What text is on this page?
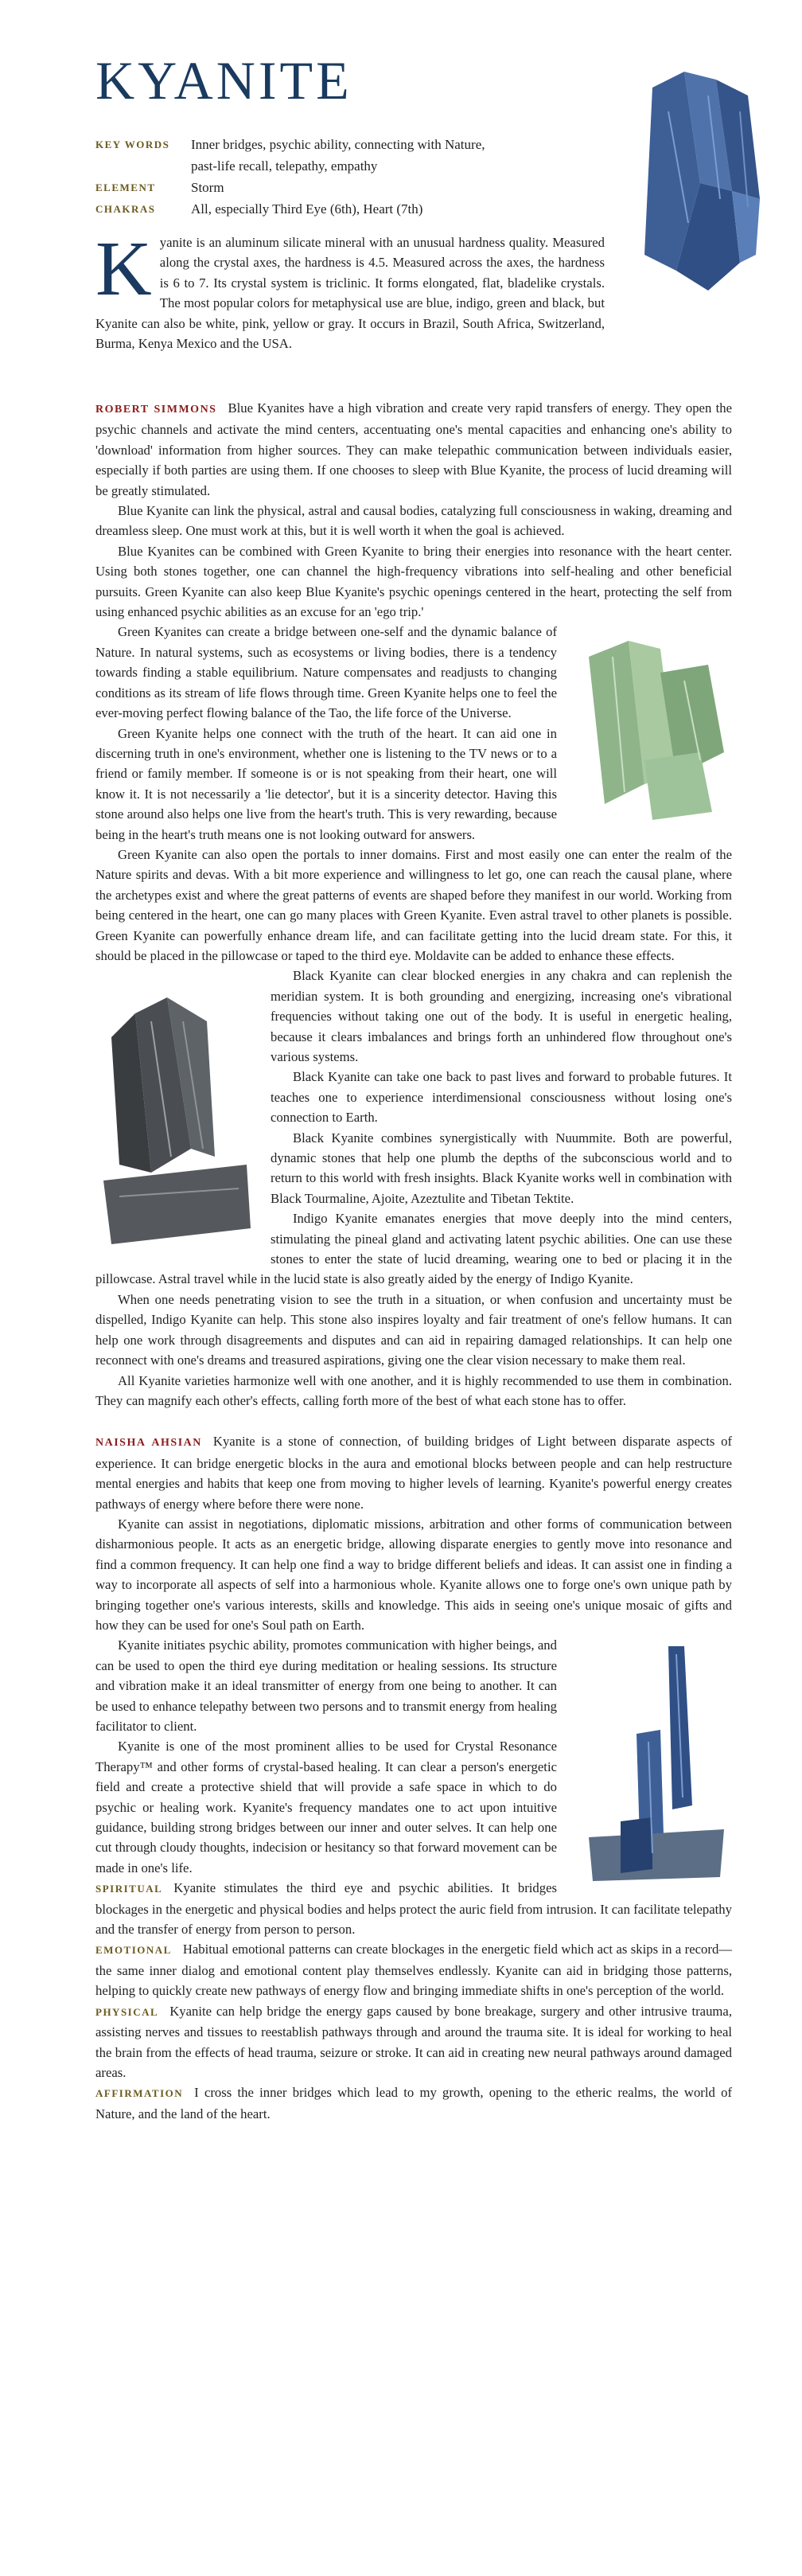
KYANITE
KEY WORDS Inner bridges, psychic ability, connecting with Nature, past-life recall, telepathy, empathy
ELEMENT	Storm
CHAKRAS	All, especially Third Eye (6th), Heart (7th)

Kyanite is an aluminum silicate mineral with an unusual hardness quality. Measured along the crystal axes, the hardness is 4.5. Measured across the axes, the hardness is 6 to 7. Its crystal system is triclinic. It forms elongated, flat, bladelike crystals. The most popular colors for metaphysical use are blue, indigo, green and black, but Kyanite can also be white, pink, yellow or gray. It occurs in Brazil, South Africa, Switzerland, Burma, Kenya Mexico and the USA.

ROBERT SIMMONS Blue Kyanites have a high vibration and create very rapid transfers of energy. They open the psychic channels and activate the mind centers, accentuating one's mental capacities and enhancing one's ability to 'download' information from higher sources. They can make telepathic communication between individuals easier, especially if both parties are using them. If one chooses to sleep with Blue Kyanite, the process of lucid dreaming will be greatly stimulated.

Blue Kyanite can link the physical, astral and causal bodies, catalyzing full consciousness in waking, dreaming and dreamless sleep. One must work at this, but it is well worth it when the goal is achieved.

Blue Kyanites can be combined with Green Kyanite to bring their energies into resonance with the heart center. Using both stones together, one can channel the high-frequency vibrations into self-healing and other beneficial pursuits. Green Kyanite can also keep Blue Kyanite's psychic openings centered in the heart, protecting the self from using enhanced psychic abilities as an excuse for an 'ego trip.'

Green Kyanites can create a bridge between one-self and the dynamic balance of Nature. In natural systems, such as ecosystems or living bodies, there is a tendency towards finding a stable equilibrium. Nature compensates and readjusts to changing conditions as its stream of life flows through time. Green Kyanite helps one to feel the ever-moving perfect flowing balance of the Tao, the life force of the Universe.

Green Kyanite helps one connect with the truth of the heart. It can aid one in discerning truth in one's environment, whether one is listening to the TV news or to a friend or family member. If someone is or is not speaking from their heart, one will know it. It is not necessarily a 'lie detector', but it is a sincerity detector. Having this stone around also helps one live from the heart's truth. This is very rewarding, because being in the heart's truth means one is not looking outward for answers.

Green Kyanite can also open the portals to inner domains. First and most easily one can enter the realm of the Nature spirits and devas. With a bit more experience and willingness to let go, one can reach the causal plane, where the archetypes exist and where the great patterns of events are shaped before they manifest in our world. Working from being centered in the heart, one can go many places with Green Kyanite. Even astral travel to other planets is possible. Green Kyanite can powerfully enhance dream life, and can facilitate getting into the lucid dream state. For this, it should be placed in the pillowcase or taped to the third eye. Moldavite can be added to enhance these effects.

Black Kyanite can clear blocked energies in any chakra and can replenish the meridian system. It is both grounding and energizing, increasing one's vibrational frequencies without taking one out of the body. It is useful in energetic healing, because it clears imbalances and brings forth an unhindered flow throughout one's various systems.

Black Kyanite can take one back to past lives and forward to probable futures. It teaches one to experience interdimensional consciousness without losing one's connection to Earth.

Black Kyanite combines synergistically with Nuummite. Both are powerful, dynamic stones that help one plumb the depths of the subconscious world and to return to this world with fresh insights. Black Kyanite works well in combination with Black Tourmaline, Ajoite, Azeztulite and Tibetan Tektite.

Indigo Kyanite emanates energies that move deeply into the mind centers, stimulating the pineal gland and activating latent psychic abilities. One can use these stones to enter the state of lucid dreaming, wearing one to bed or placing it in the pillowcase. Astral travel while in the lucid state is also greatly aided by the energy of Indigo Kyanite.

When one needs penetrating vision to see the truth in a situation, or when confusion and uncertainty must be dispelled, Indigo Kyanite can help. This stone also inspires loyalty and fair treatment of one's fellow humans. It can help one work through disagreements and disputes and can aid in repairing damaged relationships. It can help one reconnect with one's dreams and treasured aspirations, giving one the clear vision necessary to make them real.

All Kyanite varieties harmonize well with one another, and it is highly recommended to use them in combination. They can magnify each other's effects, calling forth more of the best of what each stone has to offer.

NAISHA AHSIAN Kyanite is a stone of connection, of building bridges of Light between disparate aspects of experience. It can bridge energetic blocks in the aura and emotional blocks between people and can help restructure mental energies and habits that keep one from moving to higher levels of learning. Kyanite's powerful energy creates pathways of energy where before there were none.

Kyanite can assist in negotiations, diplomatic missions, arbitration and other forms of communication between disharmonious people. It acts as an energetic bridge, allowing disparate energies to gently move into resonance and find a common frequency. It can help one find a way to bridge different beliefs and ideas. It can assist one in finding a way to incorporate all aspects of self into a harmonious whole. Kyanite allows one to forge one's own unique path by bringing together one's various interests, skills and knowledge. This aids in seeing one's unique mosaic of gifts and how they can be used for one's Soul path on Earth.

Kyanite initiates psychic ability, promotes communication with higher beings, and can be used to open the third eye during meditation or healing sessions. Its structure and vibration make it an ideal transmitter of energy from one being to another. It can be used to enhance telepathy between two persons and to transmit energy from healing facilitator to client.

Kyanite is one of the most prominent allies to be used for Crystal Resonance Therapy™ and other forms of crystal-based healing. It can clear a person's energetic field and create a protective shield that will provide a safe space in which to do psychic or healing work. Kyanite's frequency mandates one to act upon intuitive guidance, building strong bridges between our inner and outer selves. It can help one cut through cloudy thoughts, indecision or hesitancy so that forward movement can be made in one's life.

SPIRITUAL Kyanite stimulates the third eye and psychic abilities. It bridges blockages in the energetic and physical bodies and helps protect the auric field from intrusion. It can facilitate telepathy and the transfer of energy from person to person.

EMOTIONAL Habitual emotional patterns can create blockages in the energetic field which act as skips in a record—the same inner dialog and emotional content play themselves endlessly. Kyanite can aid in bridging those patterns, helping to quickly create new pathways of energy flow and bringing immediate shifts in one's perception of the world.

PHYSICAL Kyanite can help bridge the energy gaps caused by bone breakage, surgery and other intrusive trauma, assisting nerves and tissues to reestablish pathways through and around the trauma site. It is ideal for working to heal the brain from the effects of head trauma, seizure or stroke. It can aid in creating new neural pathways around damaged areas.

AFFIRMATION I cross the inner bridges which lead to my growth, opening to the etheric realms, the world of Nature, and the land of the heart.
